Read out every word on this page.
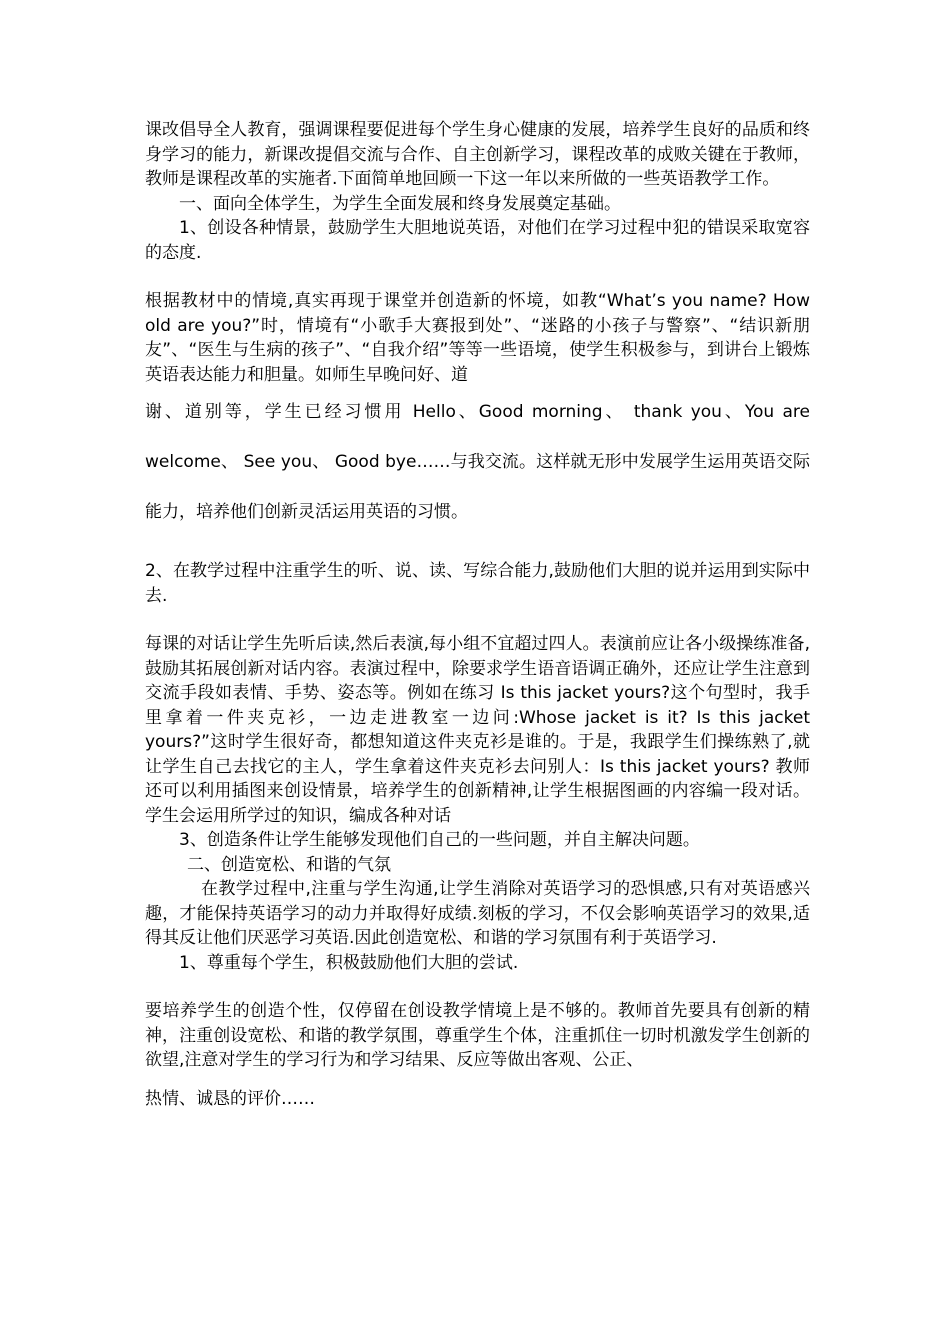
课改倡导全人教育，强调课程要促进每个学生身心健康的发展，培养学生良好的品质和终身学习的能力，新课改提倡交流与合作、自主创新学习，课程改革的成败关键在于教师，教师是课程改革的实施者.下面简单地回顾一下这一年以来所做的一些英语教学工作。

一、面向全体学生，为学生全面发展和终身发展奠定基础。

1、创设各种情景，鼓励学生大胆地说英语，对他们在学习过程中犯的错误采取宽容的态度.

根据教材中的情境,真实再现于课堂并创造新的怀境，如教“What’s you name? How old are you?”时，情境有“小歌手大赛报到处”、“迷路的小孩子与警察”、“结识新朋友”、“医生与生病的孩子”、“自我介绍”等等一些语境，使学生积极参与，到讲台上锻炼英语表达能力和胆量。如师生早晚问好、道

谢、道别等，学生已经习惯用 Hello、Good morning、 thank you、You are welcome、 See you、 Good bye……与我交流。这样就无形中发展学生运用英语交际能力，培养他们创新灵活运用英语的习惯。

2、在教学过程中注重学生的听、说、读、写综合能力,鼓励他们大胆的说并运用到实际中去.

每课的对话让学生先听后读,然后表演,每小组不宜超过四人。表演前应让各小级操练准备,鼓励其拓展创新对话内容。表演过程中，除要求学生语音语调正确外，还应让学生注意到交流手段如表情、手势、姿态等。例如在练习 Is this jacket yours?这个句型时，我手里拿着一件夹克衫，一边走进教室一边问:Whose jacket is it? Is this jacket yours?”这时学生很好奇，都想知道这件夹克衫是谁的。于是，我跟学生们操练熟了,就让学生自己去找它的主人，学生拿着这件夹克衫去问别人：Is this jacket yours? 教师还可以利用插图来创设情景，培养学生的创新精神,让学生根据图画的内容编一段对话。学生会运用所学过的知识，编成各种对话

3、创造条件让学生能够发现他们自己的一些问题，并自主解决问题。

二、创造宽松、和谐的气氛

在教学过程中,注重与学生沟通,让学生消除对英语学习的恐惧感,只有对英语感兴趣，才能保持英语学习的动力并取得好成绩.刻板的学习，不仅会影响英语学习的效果,适得其反让他们厌恶学习英语.因此创造宽松、和谐的学习氛围有利于英语学习.

1、尊重每个学生，积极鼓励他们大胆的尝试.

要培养学生的创造个性，仅停留在创设教学情境上是不够的。教师首先要具有创新的精神，注重创设宽松、和谐的教学氛围，尊重学生个体，注重抓住一切时机激发学生创新的欲望,注意对学生的学习行为和学习结果、反应等做出客观、公正、

热情、诚恳的评价……
